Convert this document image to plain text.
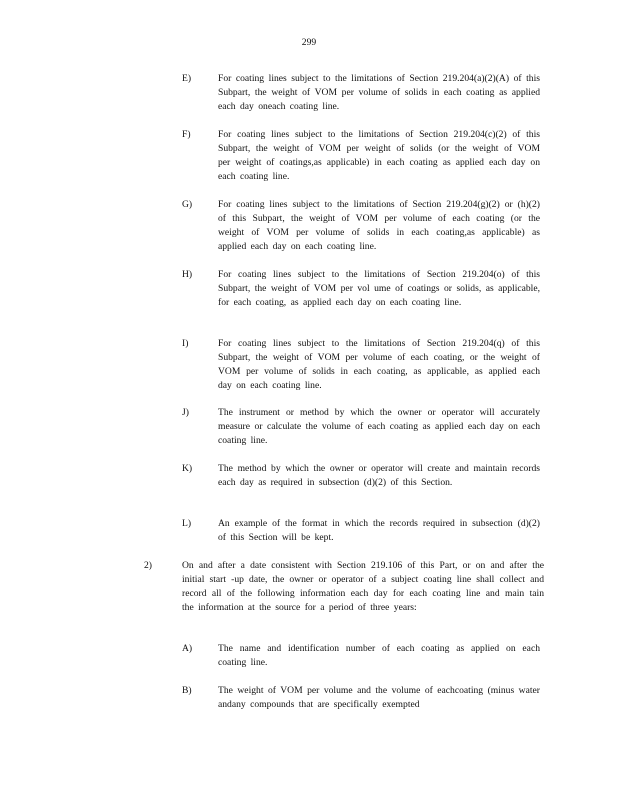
299
E)	For coating lines subject to the limitations of Section 219.204(a)(2)(A) of this Subpart, the weight of VOM per volume of solids in each coating as applied each day oneach coating line.
F)	For coating lines subject to the limitations of Section 219.204(c)(2) of this Subpart, the weight of VOM per weight of solids (or the weight of VOM per weight of coatings,as applicable) in each coating as applied each day on each coating line.
G)	For coating lines subject to the limitations of Section 219.204(g)(2) or (h)(2) of this Subpart, the weight of VOM per volume of each coating (or the weight of VOM per volume of solids in each coating,as applicable) as applied each day on each coating line.
H)	For coating lines subject to the limitations of Section 219.204(o) of this Subpart, the weight of VOM per vol ume of coatings or solids, as applicable, for each coating, as applied each day on each coating line.
I)	For coating lines subject to the limitations of Section 219.204(q) of this Subpart, the weight of VOM per volume of each coating, or the weight of VOM per volume of solids in each coating, as applicable, as applied each day on each coating line.
J)	The instrument or method by which the owner or operator will accurately measure or calculate the volume of each coating as applied each day on each coating line.
K)	The method by which the owner or operator will create and maintain records each day as required in subsection (d)(2) of this Section.
L)	An example of the format in which the records required in subsection (d)(2) of this Section will be kept.
2)	On and after a date consistent with Section 219.106 of this Part, or on and after the initial start -up date, the owner or operator of a subject coating line shall collect and record all of the following information each day for each coating line and main tain the information at the source for a period of three years:
A)	The name and identification number of each coating as applied on each coating line.
B)	The weight of VOM per volume and the volume of eachcoating (minus water andany compounds that are specifically exempted
